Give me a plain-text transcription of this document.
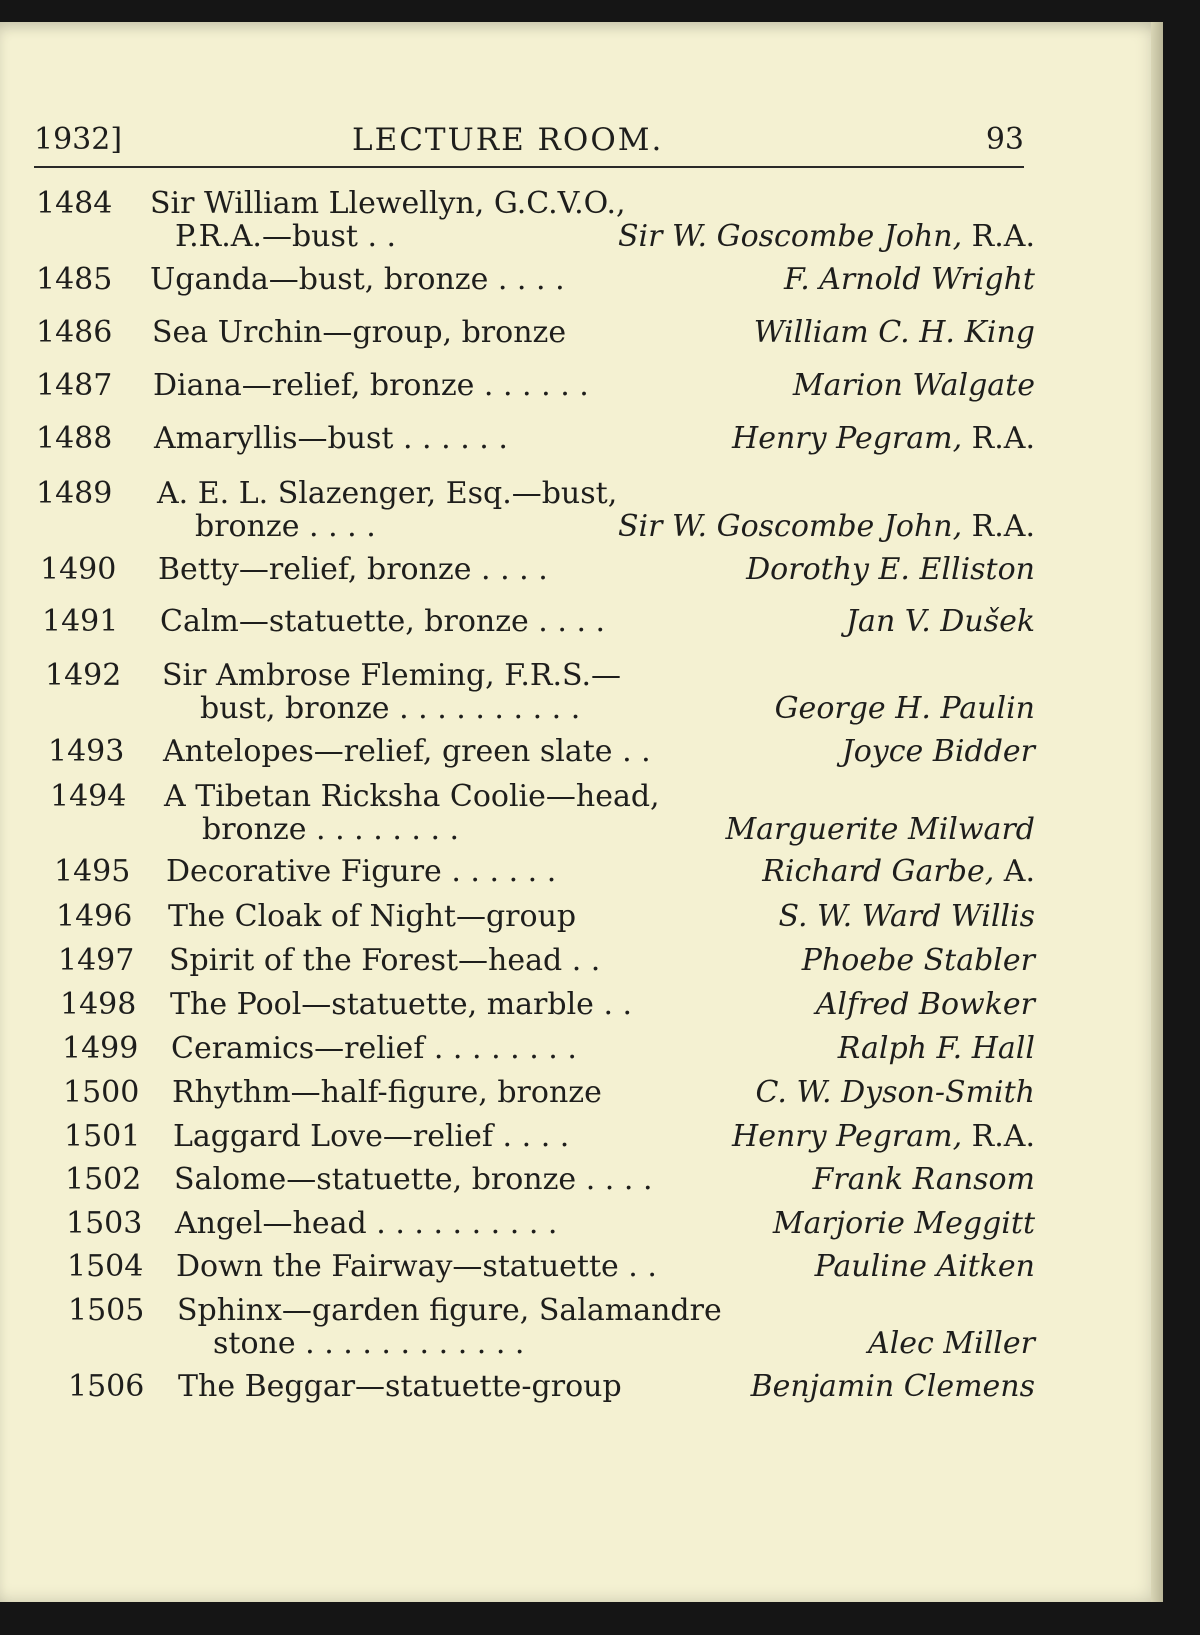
1932]	LECTURE ROOM.	93
1484 Sir William Llewellyn, G.C.V.O.,
P.R.A.—bust . .	Sir W. Goscombe John, R.A.
1485 Uganda—bust, bronze . . . .	F. Arnold Wright
1486 Sea Urchin—group, bronze	William C. H. King
1487 Diana—relief, bronze . . . . . .	Marion Walgate
1488 Amaryllis—bust . . . . . .	Henry Pegram, R.A.
1489 A. E. L. Slazenger, Esq.—bust,
bronze . . . .	Sir W. Goscombe John, R.A.
1490 Betty—relief, bronze . . . .	Dorothy E. Elliston
1491 Calm—statuette, bronze . . . .	Jan V. Dušek
1492 Sir Ambrose Fleming, F.R.S.—
bust, bronze . . . . . . . . . .	George H. Paulin
1493 Antelopes—relief, green slate . .	Joyce Bidder
1494 A Tibetan Ricksha Coolie—head,
bronze . . . . . . . .	Marguerite Milward
1495 Decorative Figure . . . . . .	Richard Garbe, A.
1496 The Cloak of Night—group	S. W. Ward Willis
1497 Spirit of the Forest—head . .	Phoebe Stabler
1498 The Pool—statuette, marble . .	Alfred Bowker
1499 Ceramics—relief . . . . . . . .	Ralph F. Hall
1500 Rhythm—half-figure, bronze	C. W. Dyson-Smith
1501 Laggard Love—relief . . . .	Henry Pegram, R.A.
1502 Salome—statuette, bronze . . . .	Frank Ransom
1503 Angel—head . . . . . . . . . .	Marjorie Meggitt
1504 Down the Fairway—statuette . .	Pauline Aitken
1505 Sphinx—garden figure, Salamandre
stone . . . . . . . . . . . .	Alec Miller
1506 The Beggar—statuette-group	Benjamin Clemens
